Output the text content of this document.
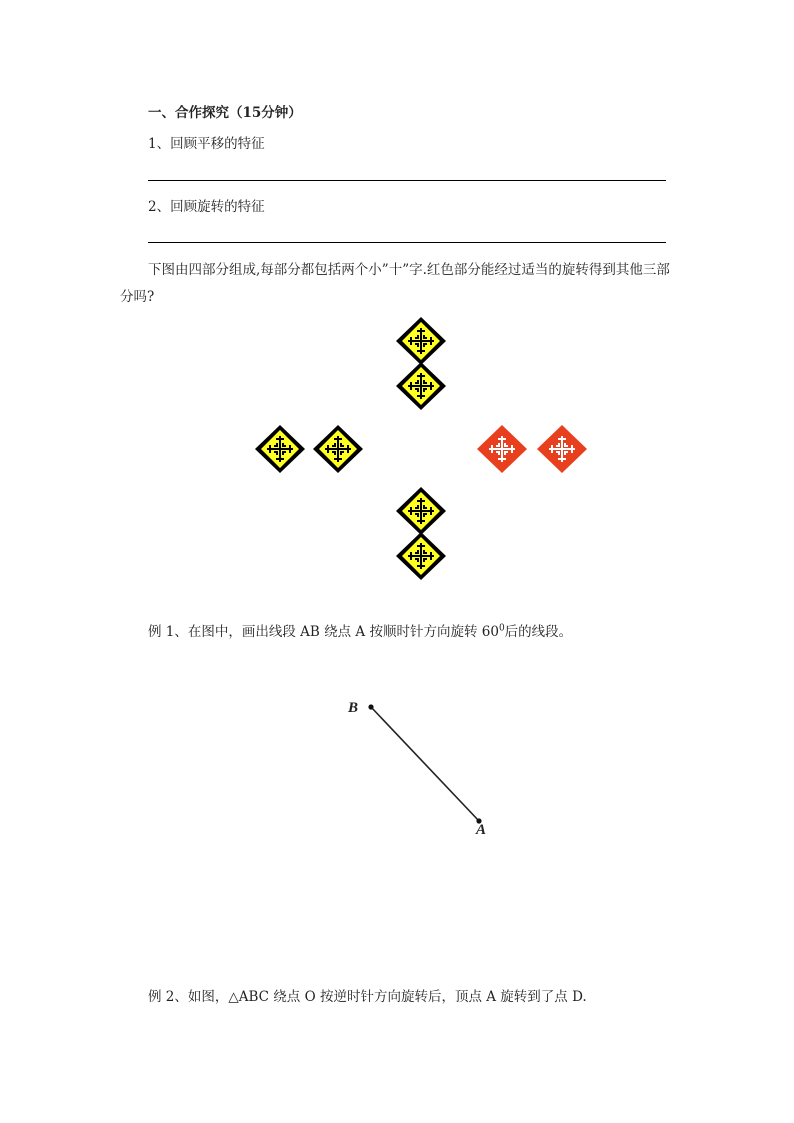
一、合作探究（15分钟）
1、回顾平移的特征
2、回顾旋转的特征
下图由四部分组成,每部分都包括两个小”十”字.红色部分能经过适当的旋转得到其他三部分吗?
例 1、在图中，画出线段 AB 绕点 A 按顺时针方向旋转 $60^0$后的线段。
B
A
例 2、如图，△ABC 绕点 O 按逆时针方向旋转后，顶点 A 旋转到了点 D.
